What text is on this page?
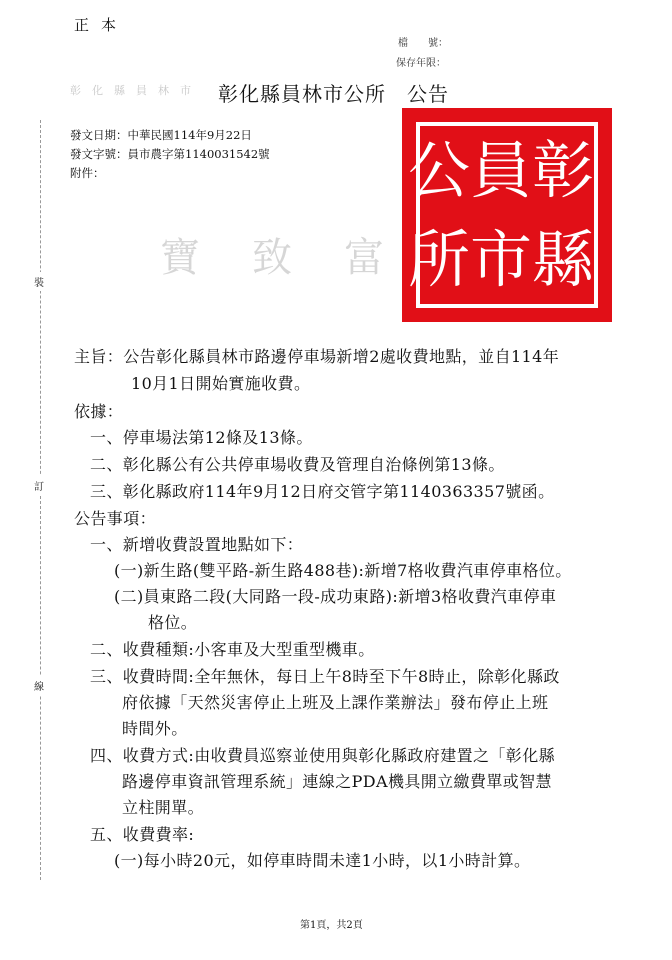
正本
檔　　號：
保存年限：
彰　化　縣　員　林　市
寶　致　富
彰化縣員林市公所　公告
發文日期：中華民國114年9月22日
發文字號：員市農字第1140031542號
附件：	彰
縣
員
市
公
所
裝
訂
線
主旨：公告彰化縣員林市路邊停車場新增2處收費地點，並自114年
10月1日開始實施收費。
依據：
一、停車場法第12條及13條。
二、彰化縣公有公共停車場收費及管理自治條例第13條。
三、彰化縣政府114年9月12日府交管字第1140363357號函。
公告事項：
一、新增收費設置地點如下：
(一)新生路(雙平路-新生路488巷):新增7格收費汽車停車格位。
(二)員東路二段(大同路一段-成功東路):新增3格收費汽車停車
格位。
二、收費種類:小客車及大型重型機車。
三、收費時間:全年無休，每日上午8時至下午8時止，除彰化縣政
府依據「天然災害停止上班及上課作業辦法」發布停止上班
時間外。
四、收費方式:由收費員巡察並使用與彰化縣政府建置之「彰化縣
路邊停車資訊管理系統」連線之PDA機具開立繳費單或智慧
立柱開單。
五、收費費率:
(一)每小時20元，如停車時間未達1小時，以1小時計算。
第1頁，共2頁
